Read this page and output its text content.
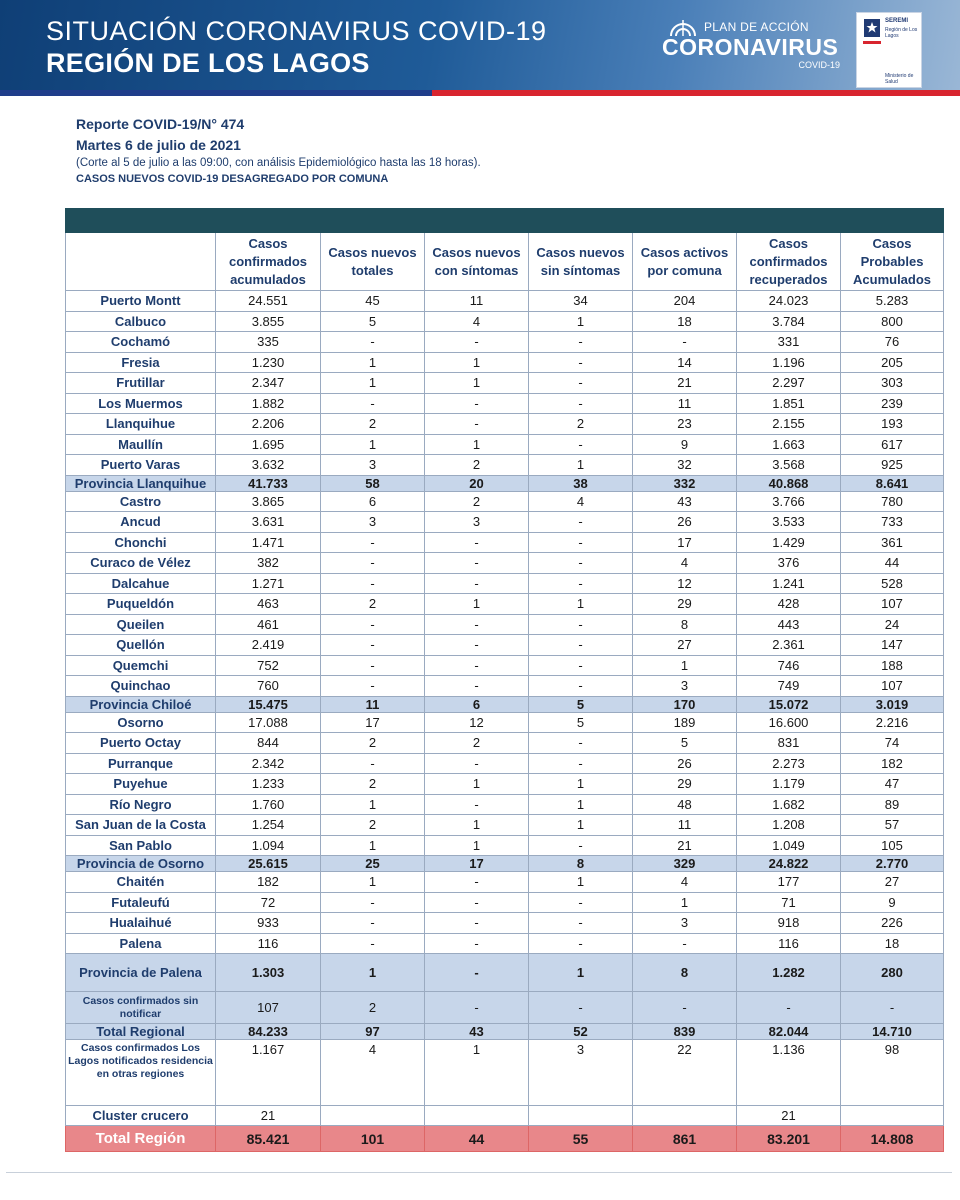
SITUACIÓN CORONAVIRUS COVID-19
REGIÓN DE LOS LAGOS
PLAN DE ACCIÓN
CORONAVIRUS
COVID-19
SEREMI
Región de Los Lagos
Ministerio de Salud
Reporte COVID-19/N° 474
Martes 6 de julio de 2021
(Corte al 5 de julio a las 09:00, con análisis Epidemiológico hasta las 18 horas).
CASOS NUEVOS COVID-19 DESAGREGADO POR COMUNA

	Casos confirmados acumulados	Casos nuevos totales	Casos nuevos con síntomas	Casos nuevos sin síntomas	Casos activos por comuna	Casos confirmados recuperados	Casos Probables Acumulados
Puerto Montt	24.551	45	11	34	204	24.023	5.283
Calbuco	3.855	5	4	1	18	3.784	800
Cochamó	335	-	-	-	-	331	76
Fresia	1.230	1	1	-	14	1.196	205
Frutillar	2.347	1	1	-	21	2.297	303
Los Muermos	1.882	-	-	-	11	1.851	239
Llanquihue	2.206	2	-	2	23	2.155	193
Maullín	1.695	1	1	-	9	1.663	617
Puerto Varas	3.632	3	2	1	32	3.568	925
Provincia Llanquihue	41.733	58	20	38	332	40.868	8.641
Castro	3.865	6	2	4	43	3.766	780
Ancud	3.631	3	3	-	26	3.533	733
Chonchi	1.471	-	-	-	17	1.429	361
Curaco de Vélez	382	-	-	-	4	376	44
Dalcahue	1.271	-	-	-	12	1.241	528
Puqueldón	463	2	1	1	29	428	107
Queilen	461	-	-	-	8	443	24
Quellón	2.419	-	-	-	27	2.361	147
Quemchi	752	-	-	-	1	746	188
Quinchao	760	-	-	-	3	749	107
Provincia Chiloé	15.475	11	6	5	170	15.072	3.019
Osorno	17.088	17	12	5	189	16.600	2.216
Puerto Octay	844	2	2	-	5	831	74
Purranque	2.342	-	-	-	26	2.273	182
Puyehue	1.233	2	1	1	29	1.179	47
Río Negro	1.760	1	-	1	48	1.682	89
San Juan de la Costa	1.254	2	1	1	11	1.208	57
San Pablo	1.094	1	1	-	21	1.049	105
Provincia de Osorno	25.615	25	17	8	329	24.822	2.770
Chaitén	182	1	-	1	4	177	27
Futaleufú	72	-	-	-	1	71	9
Hualaihué	933	-	-	-	3	918	226
Palena	116	-	-	-	-	116	18
Provincia de Palena	1.303	1	-	1	8	1.282	280
Casos confirmados sin notificar	107	2	-	-	-	-	-
Total Regional	84.233	97	43	52	839	82.044	14.710
Casos confirmados Los Lagos notificados residencia en otras regiones	1.167	4	1	3	22	1.136	98
Cluster crucero	21					21	
Total Región	85.421	101	44	55	861	83.201	14.808
